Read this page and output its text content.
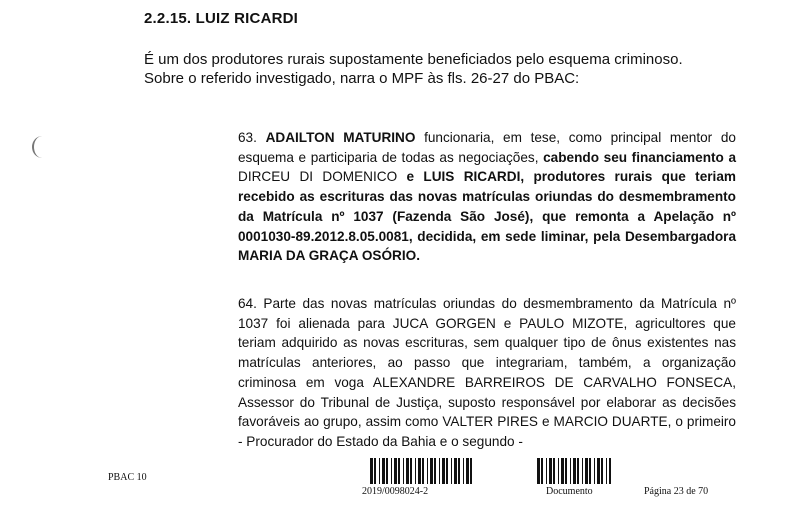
2.2.15. LUIZ RICARDI

É um dos produtores rurais supostamente beneficiados pelo esquema criminoso.

Sobre o referido investigado, narra o MPF às fls. 26-27 do PBAC:

63. ADAILTON MATURINO funcionaria, em tese, como principal mentor do esquema e participaria de todas as negociações, cabendo seu financiamento a DIRCEU DI DOMENICO e LUIS RICARDI, produtores rurais que teriam recebido as escrituras das novas matrículas oriundas do desmembramento da Matrícula nº 1037 (Fazenda São José), que remonta a Apelação nº 0001030-89.2012.8.05.0081, decidida, em sede liminar, pela Desembargadora MARIA DA GRAÇA OSÓRIO.

64. Parte das novas matrículas oriundas do desmembramento da Matrícula nº 1037 foi alienada para JUCA GORGEN e PAULO MIZOTE, agricultores que teriam adquirido as novas escrituras, sem qualquer tipo de ônus existentes nas matrículas anteriores, ao passo que integrariam, também, a organização criminosa em voga ALEXANDRE BARREIROS DE CARVALHO FONSECA, Assessor do Tribunal de Justiça, suposto responsável por elaborar as decisões favoráveis ao grupo, assim como VALTER PIRES e MARCIO DUARTE, o primeiro - Procurador do Estado da Bahia e o segundo -

PBAC 10
2019/0098024-2	Documento	Página 23 de 70
